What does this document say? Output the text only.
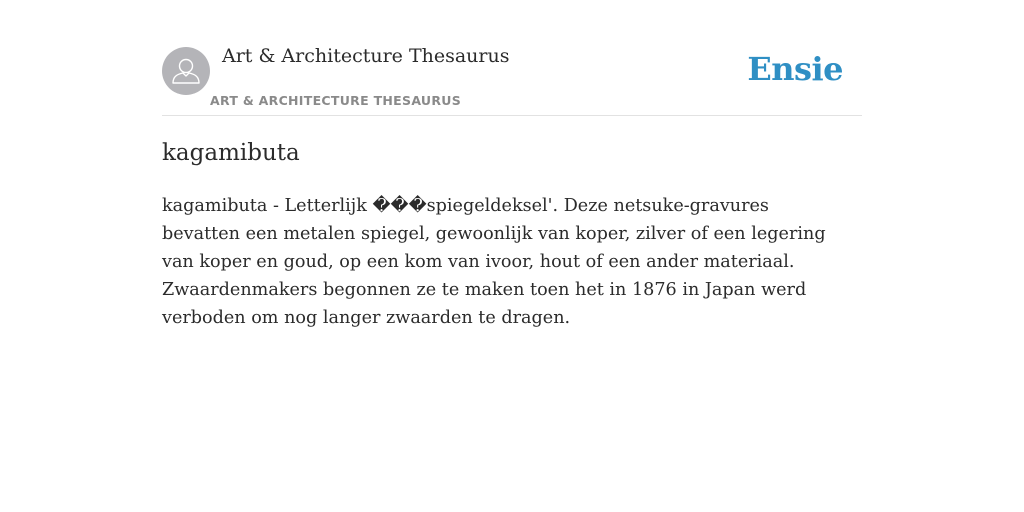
Art & Architecture Thesaurus
ART & ARCHITECTURE THESAURUS
Ensie
kagamibuta

kagamibuta - Letterlijk ���spiegeldeksel'. Deze netsuke-gravures bevatten een metalen spiegel, gewoonlijk van koper, zilver of een legering van koper en goud, op een kom van ivoor, hout of een ander materiaal. Zwaardenmakers begonnen ze te maken toen het in 1876 in Japan werd verboden om nog langer zwaarden te dragen.
